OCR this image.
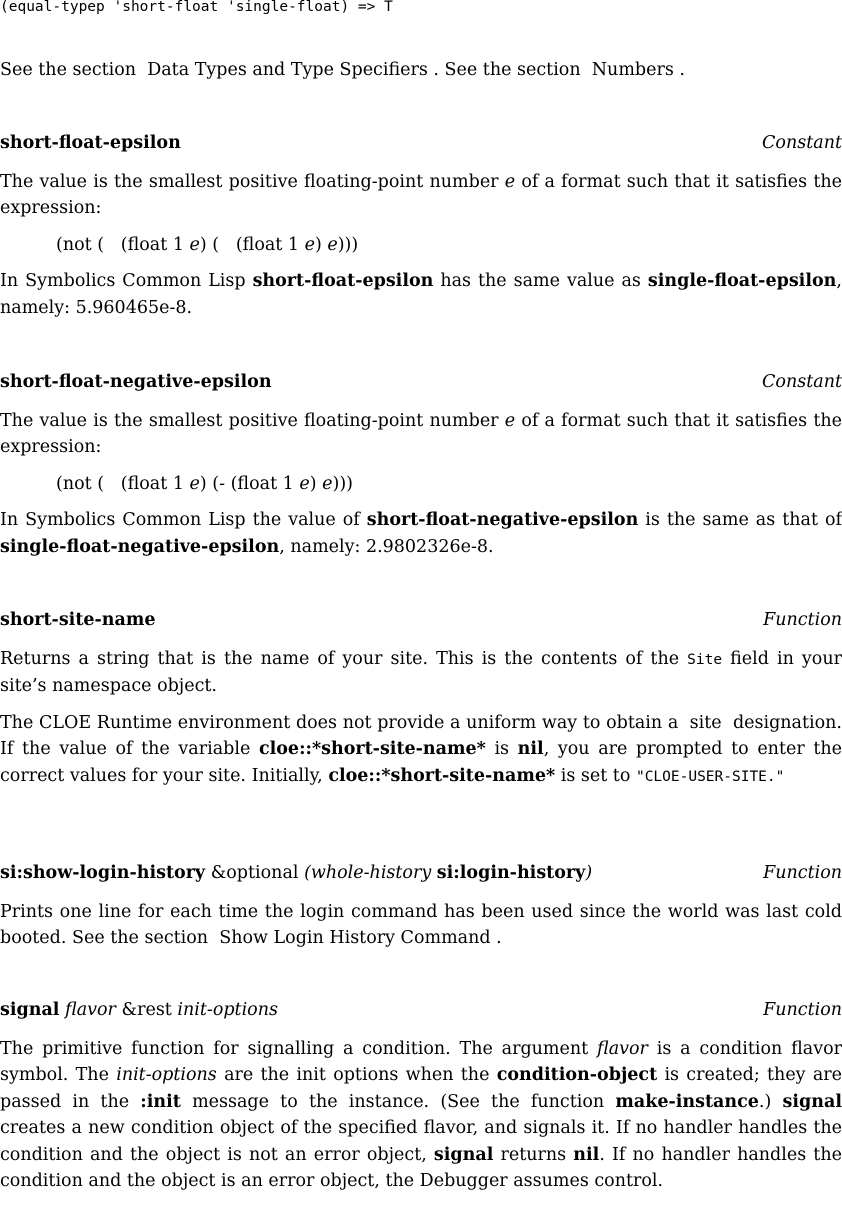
(equal-typep 'short-float 'single-float) => T

See the section Data Types and Type Specifiers . See the section Numbers .

short-float-epsilon	Constant

The value is the smallest positive floating-point number e of a format such that it satisfies the expression:

(not ( (float 1 e) ( (float 1 e) e)))

In Symbolics Common Lisp short-float-epsilon has the same value as single-float-epsilon, namely: 5.960465e-8.

short-float-negative-epsilon	Constant

The value is the smallest positive floating-point number e of a format such that it satisfies the expression:

(not ( (float 1 e) (- (float 1 e) e)))

In Symbolics Common Lisp the value of short-float-negative-epsilon is the same as that of single-float-negative-epsilon, namely: 2.9802326e-8.

short-site-name	Function

Returns a string that is the name of your site. This is the contents of the Site field in your site’s namespace object.

The CLOE Runtime environment does not provide a uniform way to obtain a site designation. If the value of the variable cloe::*short-site-name* is nil, you are prompted to enter the correct values for your site. Initially, cloe::*short-site-name* is set to "CLOE-USER-SITE."

si:show-login-history &optional (whole-history si:login-history)	Function

Prints one line for each time the login command has been used since the world was last cold booted. See the section Show Login History Command .

signal flavor &rest init-options	Function

The primitive function for signalling a condition. The argument flavor is a condition flavor symbol. The init-options are the init options when the condition-object is created; they are passed in the :init message to the instance. (See the function make-instance.) signal creates a new condition object of the specified flavor, and signals it. If no handler handles the condition and the object is not an error object, signal returns nil. If no handler handles the condition and the object is an error object, the Debugger assumes control.
